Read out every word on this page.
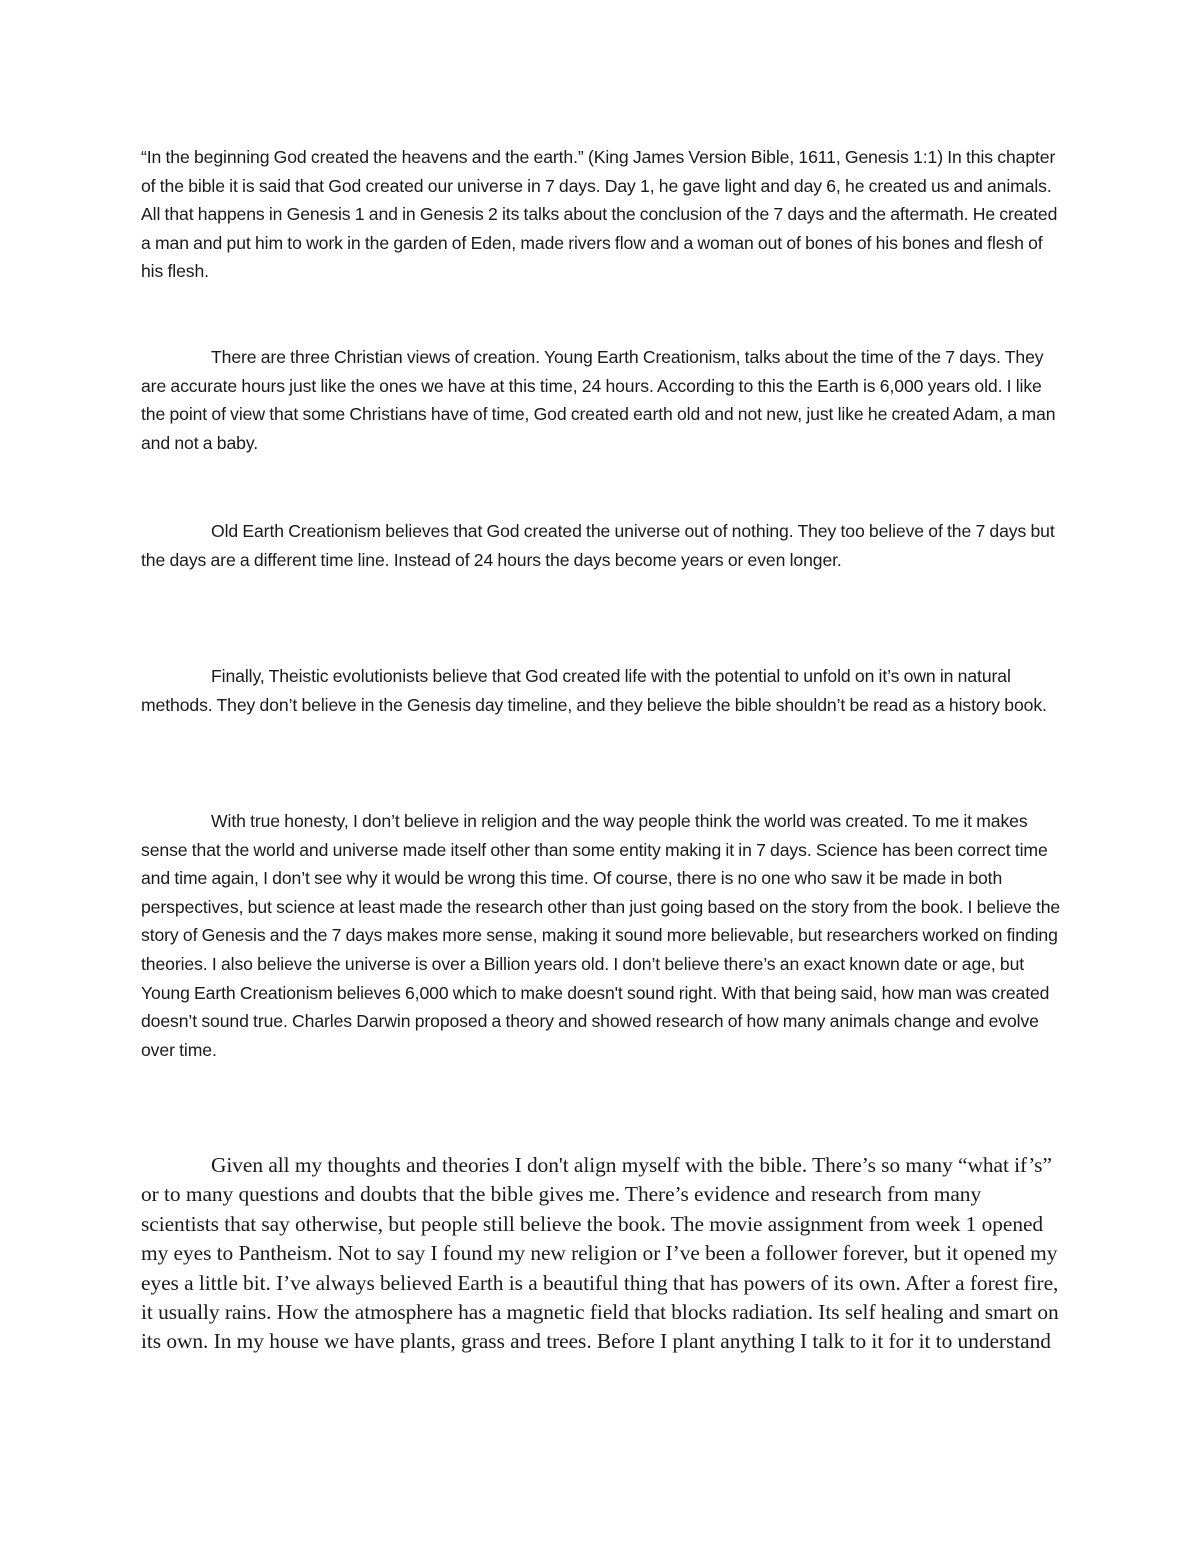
“In the beginning God created the heavens and the earth.” (King James Version Bible, 1611, Genesis 1:1) In this chapter of the bible it is said that God created our universe in 7 days. Day 1, he gave light and day 6, he created us and animals. All that happens in Genesis 1 and in Genesis 2 its talks about the conclusion of the 7 days and the aftermath. He created a man and put him to work in the garden of Eden, made rivers flow and a woman out of bones of his bones and flesh of his flesh.

There are three Christian views of creation. Young Earth Creationism, talks about the time of the 7 days. They are accurate hours just like the ones we have at this time, 24 hours. According to this the Earth is 6,000 years old. I like the point of view that some Christians have of time, God created earth old and not new, just like he created Adam, a man and not a baby.

Old Earth Creationism believes that God created the universe out of nothing. They too believe of the 7 days but the days are a different time line. Instead of 24 hours the days become years or even longer.

Finally, Theistic evolutionists believe that God created life with the potential to unfold on it’s own in natural methods. They don’t believe in the Genesis day timeline, and they believe the bible shouldn’t be read as a history book.

With true honesty, I don’t believe in religion and the way people think the world was created. To me it makes sense that the world and universe made itself other than some entity making it in 7 days. Science has been correct time and time again, I don’t see why it would be wrong this time. Of course, there is no one who saw it be made in both perspectives, but science at least made the research other than just going based on the story from the book. I believe the story of Genesis and the 7 days makes more sense, making it sound more believable, but researchers worked on finding theories. I also believe the universe is over a Billion years old. I don’t believe there’s an exact known date or age, but Young Earth Creationism believes 6,000 which to make doesn't sound right. With that being said, how man was created doesn’t sound true. Charles Darwin proposed a theory and showed research of how many animals change and evolve over time.

Given all my thoughts and theories I don't align myself with the bible. There’s so many “what if’s” or to many questions and doubts that the bible gives me. There’s evidence and research from many scientists that say otherwise, but people still believe the book. The movie assignment from week 1 opened my eyes to Pantheism. Not to say I found my new religion or I’ve been a follower forever, but it opened my eyes a little bit. I’ve always believed Earth is a beautiful thing that has powers of its own. After a forest fire, it usually rains. How the atmosphere has a magnetic field that blocks radiation. Its self healing and smart on its own. In my house we have plants, grass and trees. Before I plant anything I talk to it for it to understand
